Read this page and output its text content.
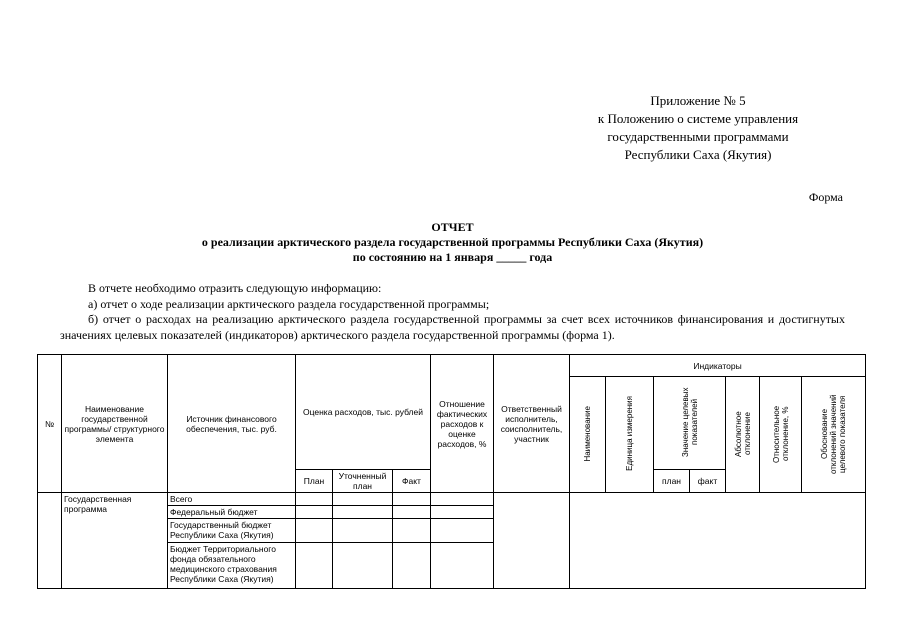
Приложение № 5
к Положению о системе управления
государственными программами
Республики Саха (Якутия)
Форма
ОТЧЕТ
о реализации арктического раздела государственной программы Республики Саха (Якутия)
по состоянию на 1 января _____ года

В отчете необходимо отразить следующую информацию:

а) отчет о ходе реализации арктического раздела государственной программы;

б) отчет о расходах на реализацию арктического раздела государственной программы за счет всех источников финансирования и достигнутых значениях целевых показателей (индикаторов) арктического раздела государственной программы (форма 1).

№	Наименование государственной программы/ структурного элемента	Источник финансового обеспечения, тыс. руб.	Оценка расходов, тыс. рублей			Отношение фактических расходов к оценке расходов, %	Ответственный исполнитель, соисполнитель, участник	Индикаторы						
								Наименование	Единица измерения	Значение целевых показателей		Абсолютное отклонение	Относительное отклонение, %	Обоснование отклонений значений целевого показателя
			План	Уточненный план	Факт					план	факт			
	Государственная программа	Всего												
		Федеральный бюджет												
		Государственный бюджет Республики Саха (Якутия)												
		Бюджет Территориального фонда обязательного медицинского страхования Республики Саха (Якутия)												
